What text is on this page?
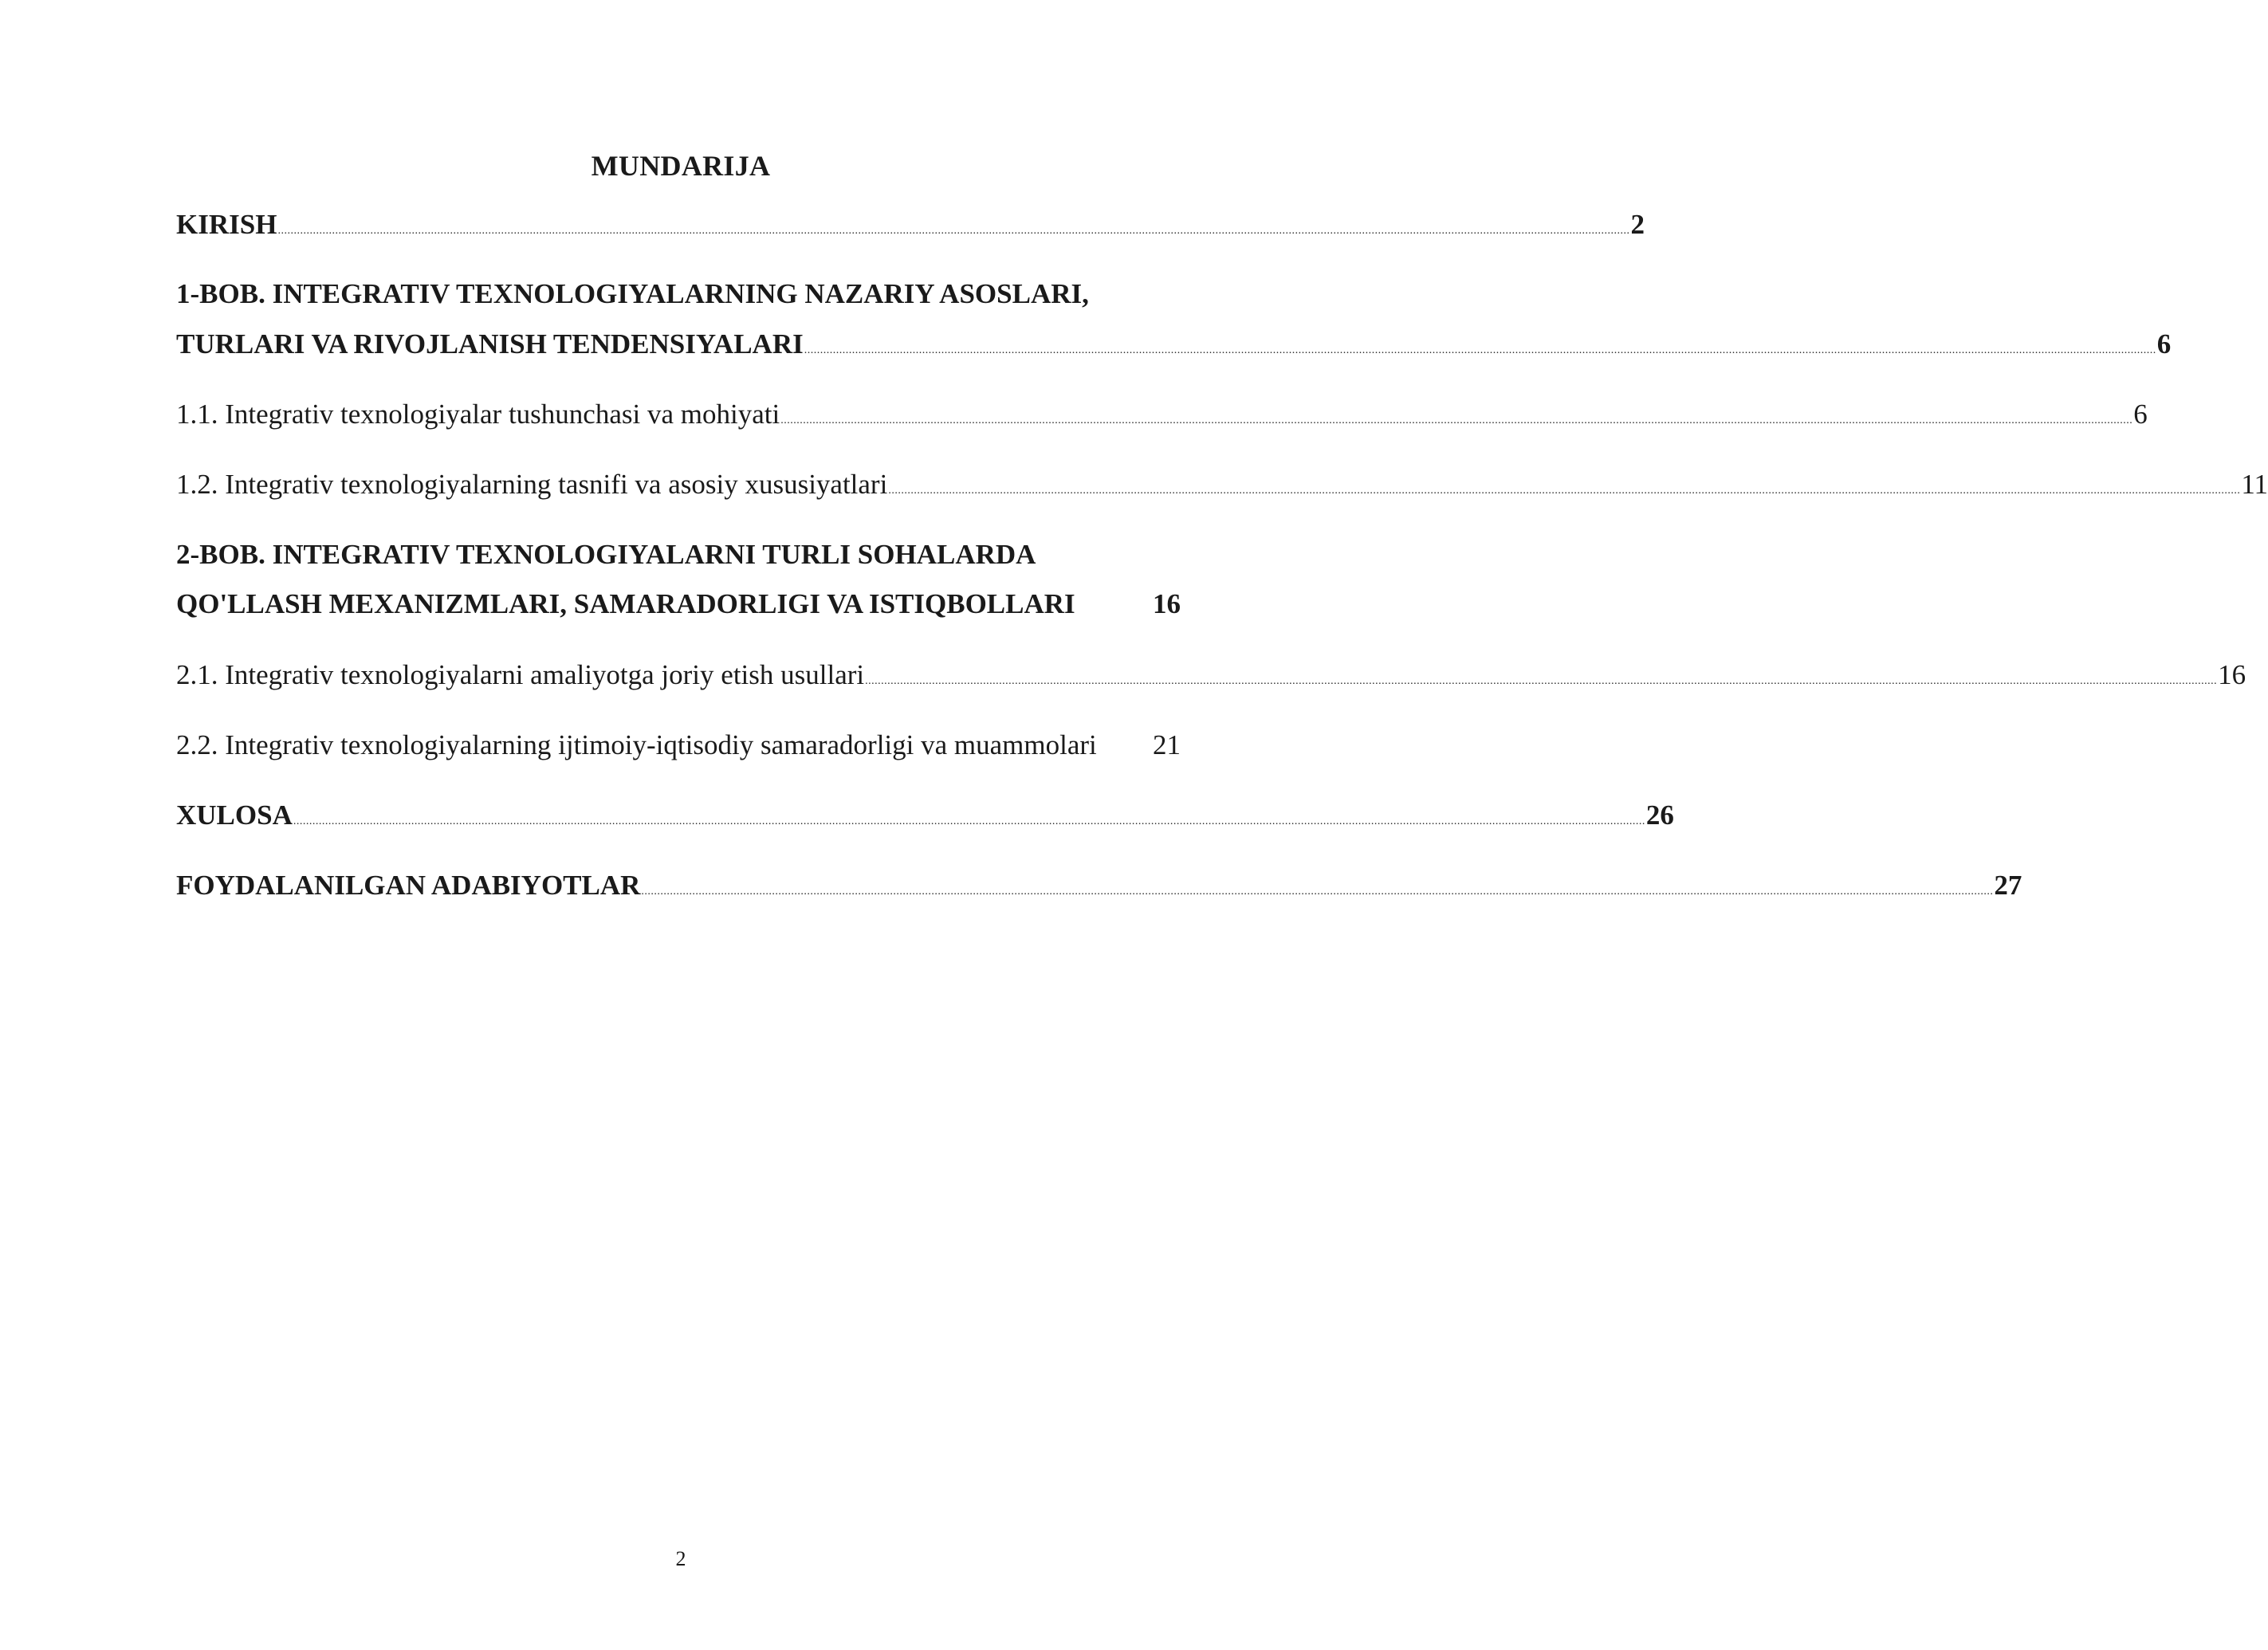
MUNDARIJA
KIRISH ........................................................................................................................................................................................................................................................................................................................................................................................................................................ 2
1-BOB. INTEGRATIV TEXNOLOGIYALARNING NAZARIY ASOSLARI,
TURLARI VA RIVOJLANISH TENDENSIYALARI ........................................................................................................................................................................................................................................................................................................................................................................................................................................ 6
1.1. Integrativ texnologiyalar tushunchasi va mohiyati ........................................................................................................................................................................................................................................................................................................................................................................................................................................ 6
1.2. Integrativ texnologiyalarning tasnifi va asosiy xususiyatlari ........................................................................................................................................................................................................................................................................................................................................................................................................................................ 11
2-BOB. INTEGRATIV TEXNOLOGIYALARNI TURLI SOHALARDA
QO'LLASH MEXANIZMLARI, SAMARADORLIGI VA ISTIQBOLLARI	16
2.1. Integrativ texnologiyalarni amaliyotga joriy etish usullari ........................................................................................................................................................................................................................................................................................................................................................................................................................................ 16
2.2. Integrativ texnologiyalarning ijtimoiy-iqtisodiy samaradorligi va muammolari 21
XULOSA ........................................................................................................................................................................................................................................................................................................................................................................................................................................ 26
FOYDALANILGAN ADABIYOTLAR ........................................................................................................................................................................................................................................................................................................................................................................................................................................ 27
2
